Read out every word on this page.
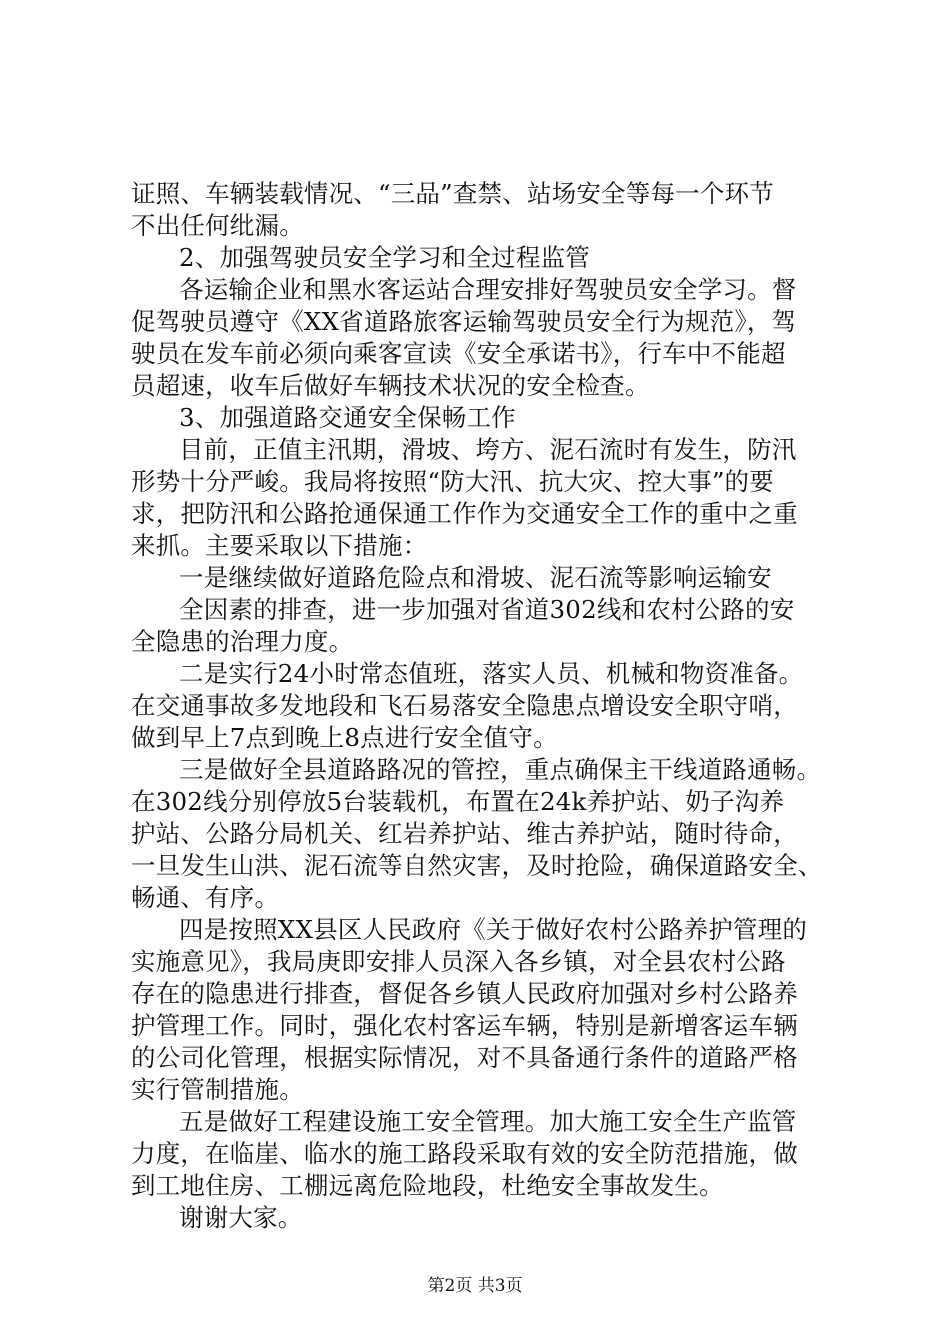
证照、车辆装载情况、“三品”查禁、站场安全等每一个环节
不出任何纰漏。
2、加强驾驶员安全学习和全过程监管
各运输企业和黑水客运站合理安排好驾驶员安全学习。督
促驾驶员遵守《XX省道路旅客运输驾驶员安全行为规范》，驾
驶员在发车前必须向乘客宣读《安全承诺书》，行车中不能超
员超速，收车后做好车辆技术状况的安全检查。
3、加强道路交通安全保畅工作
目前，正值主汛期，滑坡、垮方、泥石流时有发生，防汛
形势十分严峻。我局将按照“防大汛、抗大灾、控大事”的要
求，把防汛和公路抢通保通工作作为交通安全工作的重中之重
来抓。主要采取以下措施：
一是继续做好道路危险点和滑坡、泥石流等影响运输安
全因素的排查，进一步加强对省道302线和农村公路的安
全隐患的治理力度。
二是实行24小时常态值班，落实人员、机械和物资准备。
在交通事故多发地段和飞石易落安全隐患点增设安全职守哨，
做到早上7点到晚上8点进行安全值守。
三是做好全县道路路况的管控，重点确保主干线道路通畅。
在302线分别停放5台装载机，布置在24k养护站、奶子沟养
护站、公路分局机关、红岩养护站、维古养护站，随时待命，
一旦发生山洪、泥石流等自然灾害，及时抢险，确保道路安全、
畅通、有序。
四是按照XX县区人民政府《关于做好农村公路养护管理的
实施意见》，我局庚即安排人员深入各乡镇，对全县农村公路
存在的隐患进行排查，督促各乡镇人民政府加强对乡村公路养
护管理工作。同时，强化农村客运车辆，特别是新增客运车辆
的公司化管理，根据实际情况，对不具备通行条件的道路严格
实行管制措施。
五是做好工程建设施工安全管理。加大施工安全生产监管
力度，在临崖、临水的施工路段采取有效的安全防范措施，做
到工地住房、工棚远离危险地段，杜绝安全事故发生。
谢谢大家。
第2页 共3页
